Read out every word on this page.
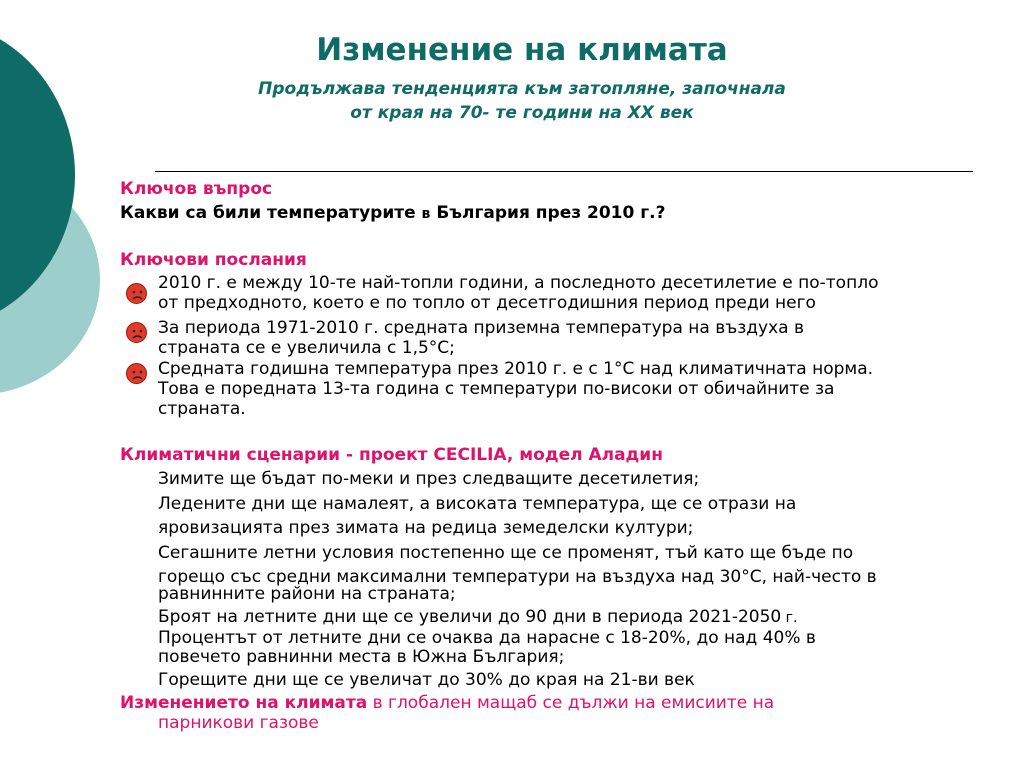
Изменение на климата
Продължава тенденцията към затопляне, започнала
от края на 70- те години на XX век
Ключов въпрос
Какви са били температурите в България през 2010 г.?
Ключови послания
2010 г. е между 10-те най-топли години, а последното десетилетие е по-топло
от предходното, което е по топло от десетгодишния период преди него
За периода 1971-2010 г. средната приземна температура на въздуха в
страната се е увеличила с 1,5°С;
Средната годишна температура през 2010 г. е с 1°С над климатичната норма.
Това е поредната 13-та година с температури по-високи от обичайните за
страната.
Климатични сценарии - проект CECILIA, модел Аладин
Зимите ще бъдат по-меки и през следващите десетилетия;
Ледените дни ще намалеят, а високата температура, ще се отрази на
яровизацията през зимата на редица земеделски култури;
Сегашните летни условия постепенно ще се променят, тъй като ще бъде по
горещо със средни максимални температури на въздуха над 30°С, най-често в
равнинните райони на страната;
Броят на летните дни ще се увеличи до 90 дни в периода 2021-2050 г.
Процентът от летните дни се очаква да нарасне с 18-20%, до над 40% в
повечето равнинни места в Южна България;
Горещите дни ще се увеличат до 30% до края на 21-ви век
Изменението на климата в глобален мащаб се дължи на емисиите на
парникови газове
